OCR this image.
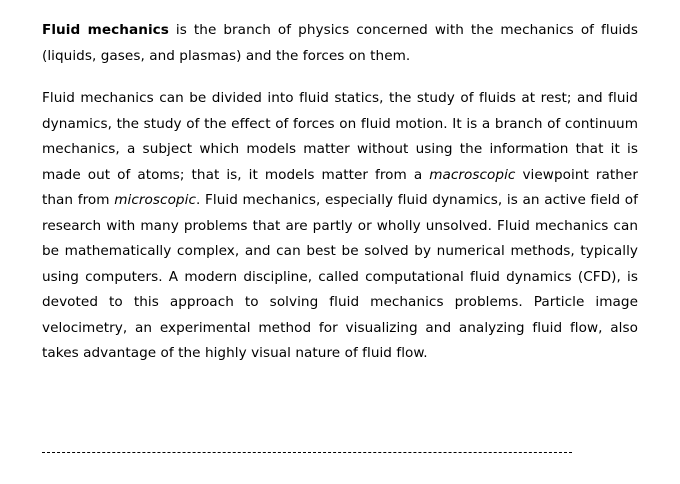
Fluid mechanics is the branch of physics concerned with the mechanics of fluids (liquids, gases, and plasmas) and the forces on them.

Fluid mechanics can be divided into fluid statics, the study of fluids at rest; and fluid dynamics, the study of the effect of forces on fluid motion. It is a branch of continuum mechanics, a subject which models matter without using the information that it is made out of atoms; that is, it models matter from a macroscopic viewpoint rather than from microscopic. Fluid mechanics, especially fluid dynamics, is an active field of research with many problems that are partly or wholly unsolved. Fluid mechanics can be mathematically complex, and can best be solved by numerical methods, typically using computers. A modern discipline, called computational fluid dynamics (CFD), is devoted to this approach to solving fluid mechanics problems. Particle image velocimetry, an experimental method for visualizing and analyzing fluid flow, also takes advantage of the highly visual nature of fluid flow.
